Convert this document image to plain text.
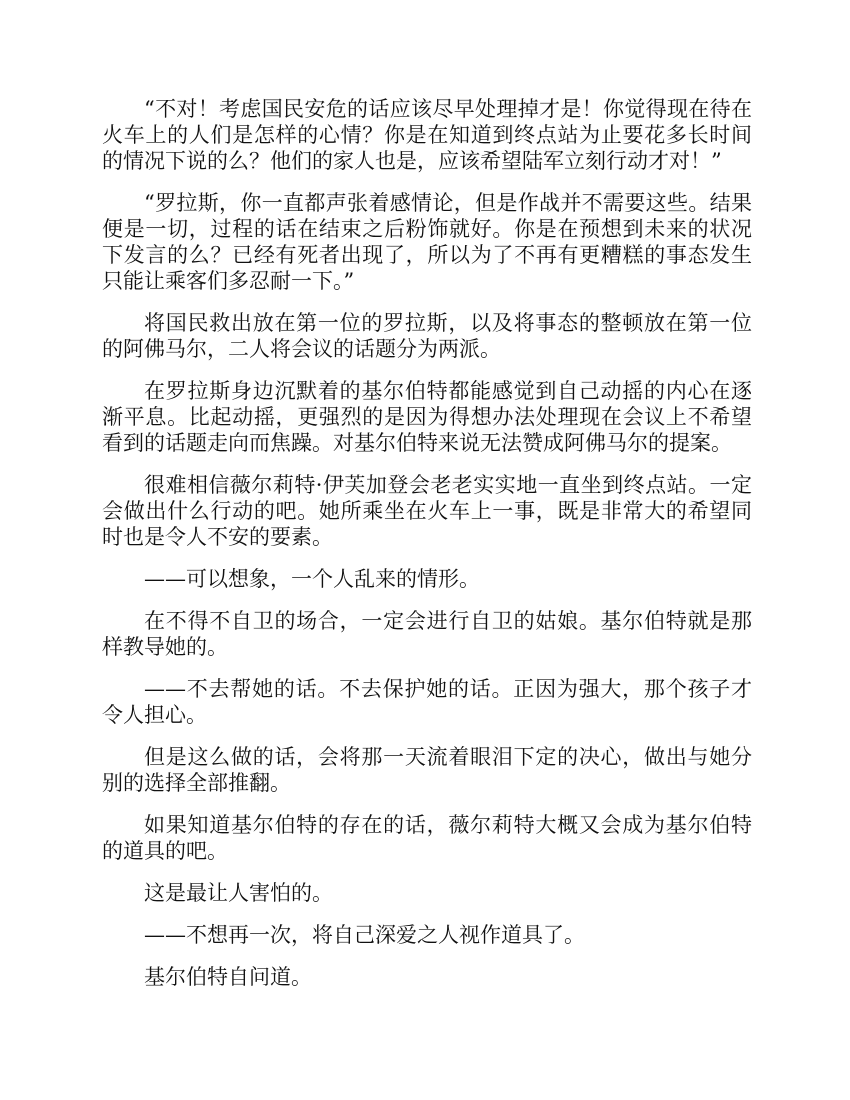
“不对！考虑国民安危的话应该尽早处理掉才是！你觉得现在待在火车上的人们是怎样的心情？你是在知道到终点站为止要花多长时间的情况下说的么？他们的家人也是，应该希望陆军立刻行动才对！”

“罗拉斯，你一直都声张着感情论，但是作战并不需要这些。结果便是一切，过程的话在结束之后粉饰就好。你是在预想到未来的状况下发言的么？已经有死者出现了，所以为了不再有更糟糕的事态发生只能让乘客们多忍耐一下。”

将国民救出放在第一位的罗拉斯，以及将事态的整顿放在第一位的阿佛马尔，二人将会议的话题分为两派。

在罗拉斯身边沉默着的基尔伯特都能感觉到自己动摇的内心在逐渐平息。比起动摇，更强烈的是因为得想办法处理现在会议上不希望看到的话题走向而焦躁。对基尔伯特来说无法赞成阿佛马尔的提案。

很难相信薇尔莉特·伊芙加登会老老实实地一直坐到终点站。一定会做出什么行动的吧。她所乘坐在火车上一事，既是非常大的希望同时也是令人不安的要素。

——可以想象，一个人乱来的情形。

在不得不自卫的场合，一定会进行自卫的姑娘。基尔伯特就是那样教导她的。

——不去帮她的话。不去保护她的话。正因为强大，那个孩子才令人担心。

但是这么做的话，会将那一天流着眼泪下定的决心，做出与她分别的选择全部推翻。

如果知道基尔伯特的存在的话，薇尔莉特大概又会成为基尔伯特的道具的吧。

这是最让人害怕的。

——不想再一次，将自己深爱之人视作道具了。

基尔伯特自问道。
